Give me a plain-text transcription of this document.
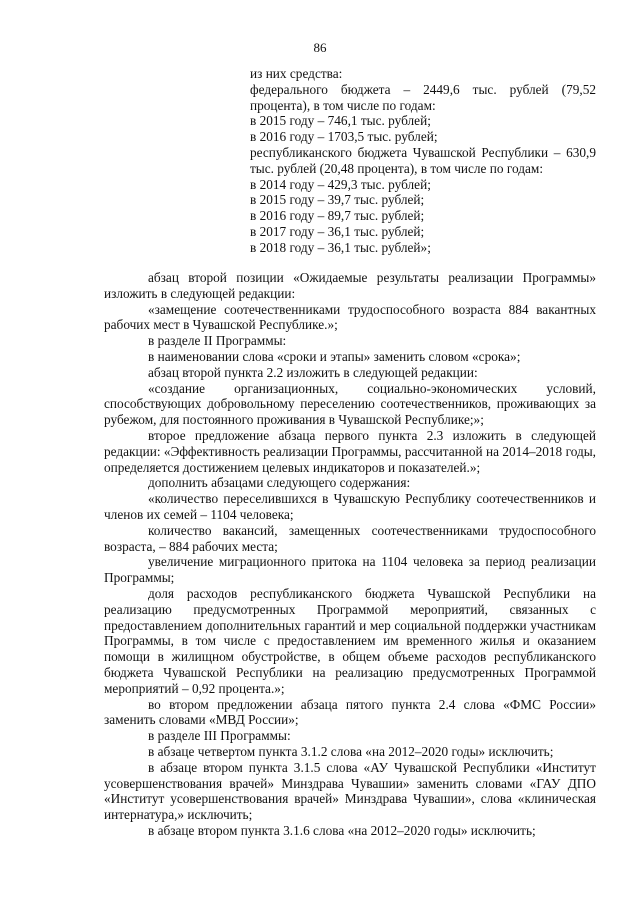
86

из них средства:

федерального бюджета – 2449,6 тыс. рублей (79,52 процента), в том числе по годам:

в 2015 году – 746,1 тыс. рублей;

в 2016 году – 1703,5 тыс. рублей;

республиканского бюджета Чувашской Республики – 630,9 тыс. рублей (20,48 процента), в том числе по годам:

в 2014 году – 429,3 тыс. рублей;

в 2015 году – 39,7 тыс. рублей;

в 2016 году – 89,7 тыс. рублей;

в 2017 году – 36,1 тыс. рублей;

в 2018 году – 36,1 тыс. рублей»;

абзац второй позиции «Ожидаемые результаты реализации Программы» изложить в следующей редакции:

«замещение соотечественниками трудоспособного возраста 884 вакантных рабочих мест в Чувашской Республике.»;

в разделе II Программы:

в наименовании слова «сроки и этапы» заменить словом «срока»;

абзац второй пункта 2.2 изложить в следующей редакции:

«создание организационных, социально-экономических условий, способствующих добровольному переселению соотечественников, проживающих за рубежом, для постоянного проживания в Чувашской Республике;»;

второе предложение абзаца первого пункта 2.3 изложить в следующей редакции: «Эффективность реализации Программы, рассчитанной на 2014–2018 годы, определяется достижением целевых индикаторов и показателей.»;

дополнить абзацами следующего содержания:

«количество переселившихся в Чувашскую Республику соотечественников и членов их семей – 1104 человека;

количество вакансий, замещенных соотечественниками трудоспособного возраста, – 884 рабочих места;

увеличение миграционного притока на 1104 человека за период реализации Программы;

доля расходов республиканского бюджета Чувашской Республики на реализацию предусмотренных Программой мероприятий, связанных с предоставлением дополнительных гарантий и мер социальной поддержки участникам Программы, в том числе с предоставлением им временного жилья и оказанием помощи в жилищном обустройстве, в общем объеме расходов республиканского бюджета Чувашской Республики на реализацию предусмотренных Программой мероприятий – 0,92 процента.»;

во втором предложении абзаца пятого пункта 2.4 слова «ФМС России» заменить словами «МВД России»;

в разделе III Программы:

в абзаце четвертом пункта 3.1.2 слова «на 2012–2020 годы» исключить;

в абзаце втором пункта 3.1.5 слова «АУ Чувашской Республики «Институт усовершенствования врачей» Минздрава Чувашии» заменить словами «ГАУ ДПО «Институт усовершенствования врачей» Минздрава Чувашии», слова «клиническая интернатура,» исключить;

в абзаце втором пункта 3.1.6 слова «на 2012–2020 годы» исключить;
